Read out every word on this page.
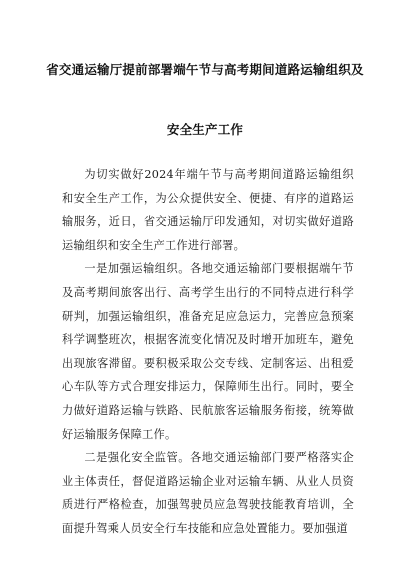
省交通运输厅提前部署端午节与高考期间道路运输组织及
安全生产工作

为切实做好2024年端午节与高考期间道路运输组织和安全生产工作，为公众提供安全、便捷、有序的道路运输服务，近日，省交通运输厅印发通知，对切实做好道路运输组织和安全生产工作进行部署。

一是加强运输组织。各地交通运输部门要根据端午节及高考期间旅客出行、高考学生出行的不同特点进行科学研判，加强运输组织，准备充足应急运力，完善应急预案科学调整班次，根据客流变化情况及时增开加班车，避免出现旅客滞留。要积极采取公交专线、定制客运、出租爱心车队等方式合理安排运力，保障师生出行。同时，要全力做好道路运输与铁路、民航旅客运输服务衔接，统筹做好运输服务保障工作。

二是强化安全监管。各地交通运输部门要严格落实企业主体责任，督促道路运输企业对运输车辆、从业人员资质进行严格检查，加强驾驶员应急驾驶技能教育培训，全面提升驾乘人员安全行车技能和应急处置能力。要加强道
